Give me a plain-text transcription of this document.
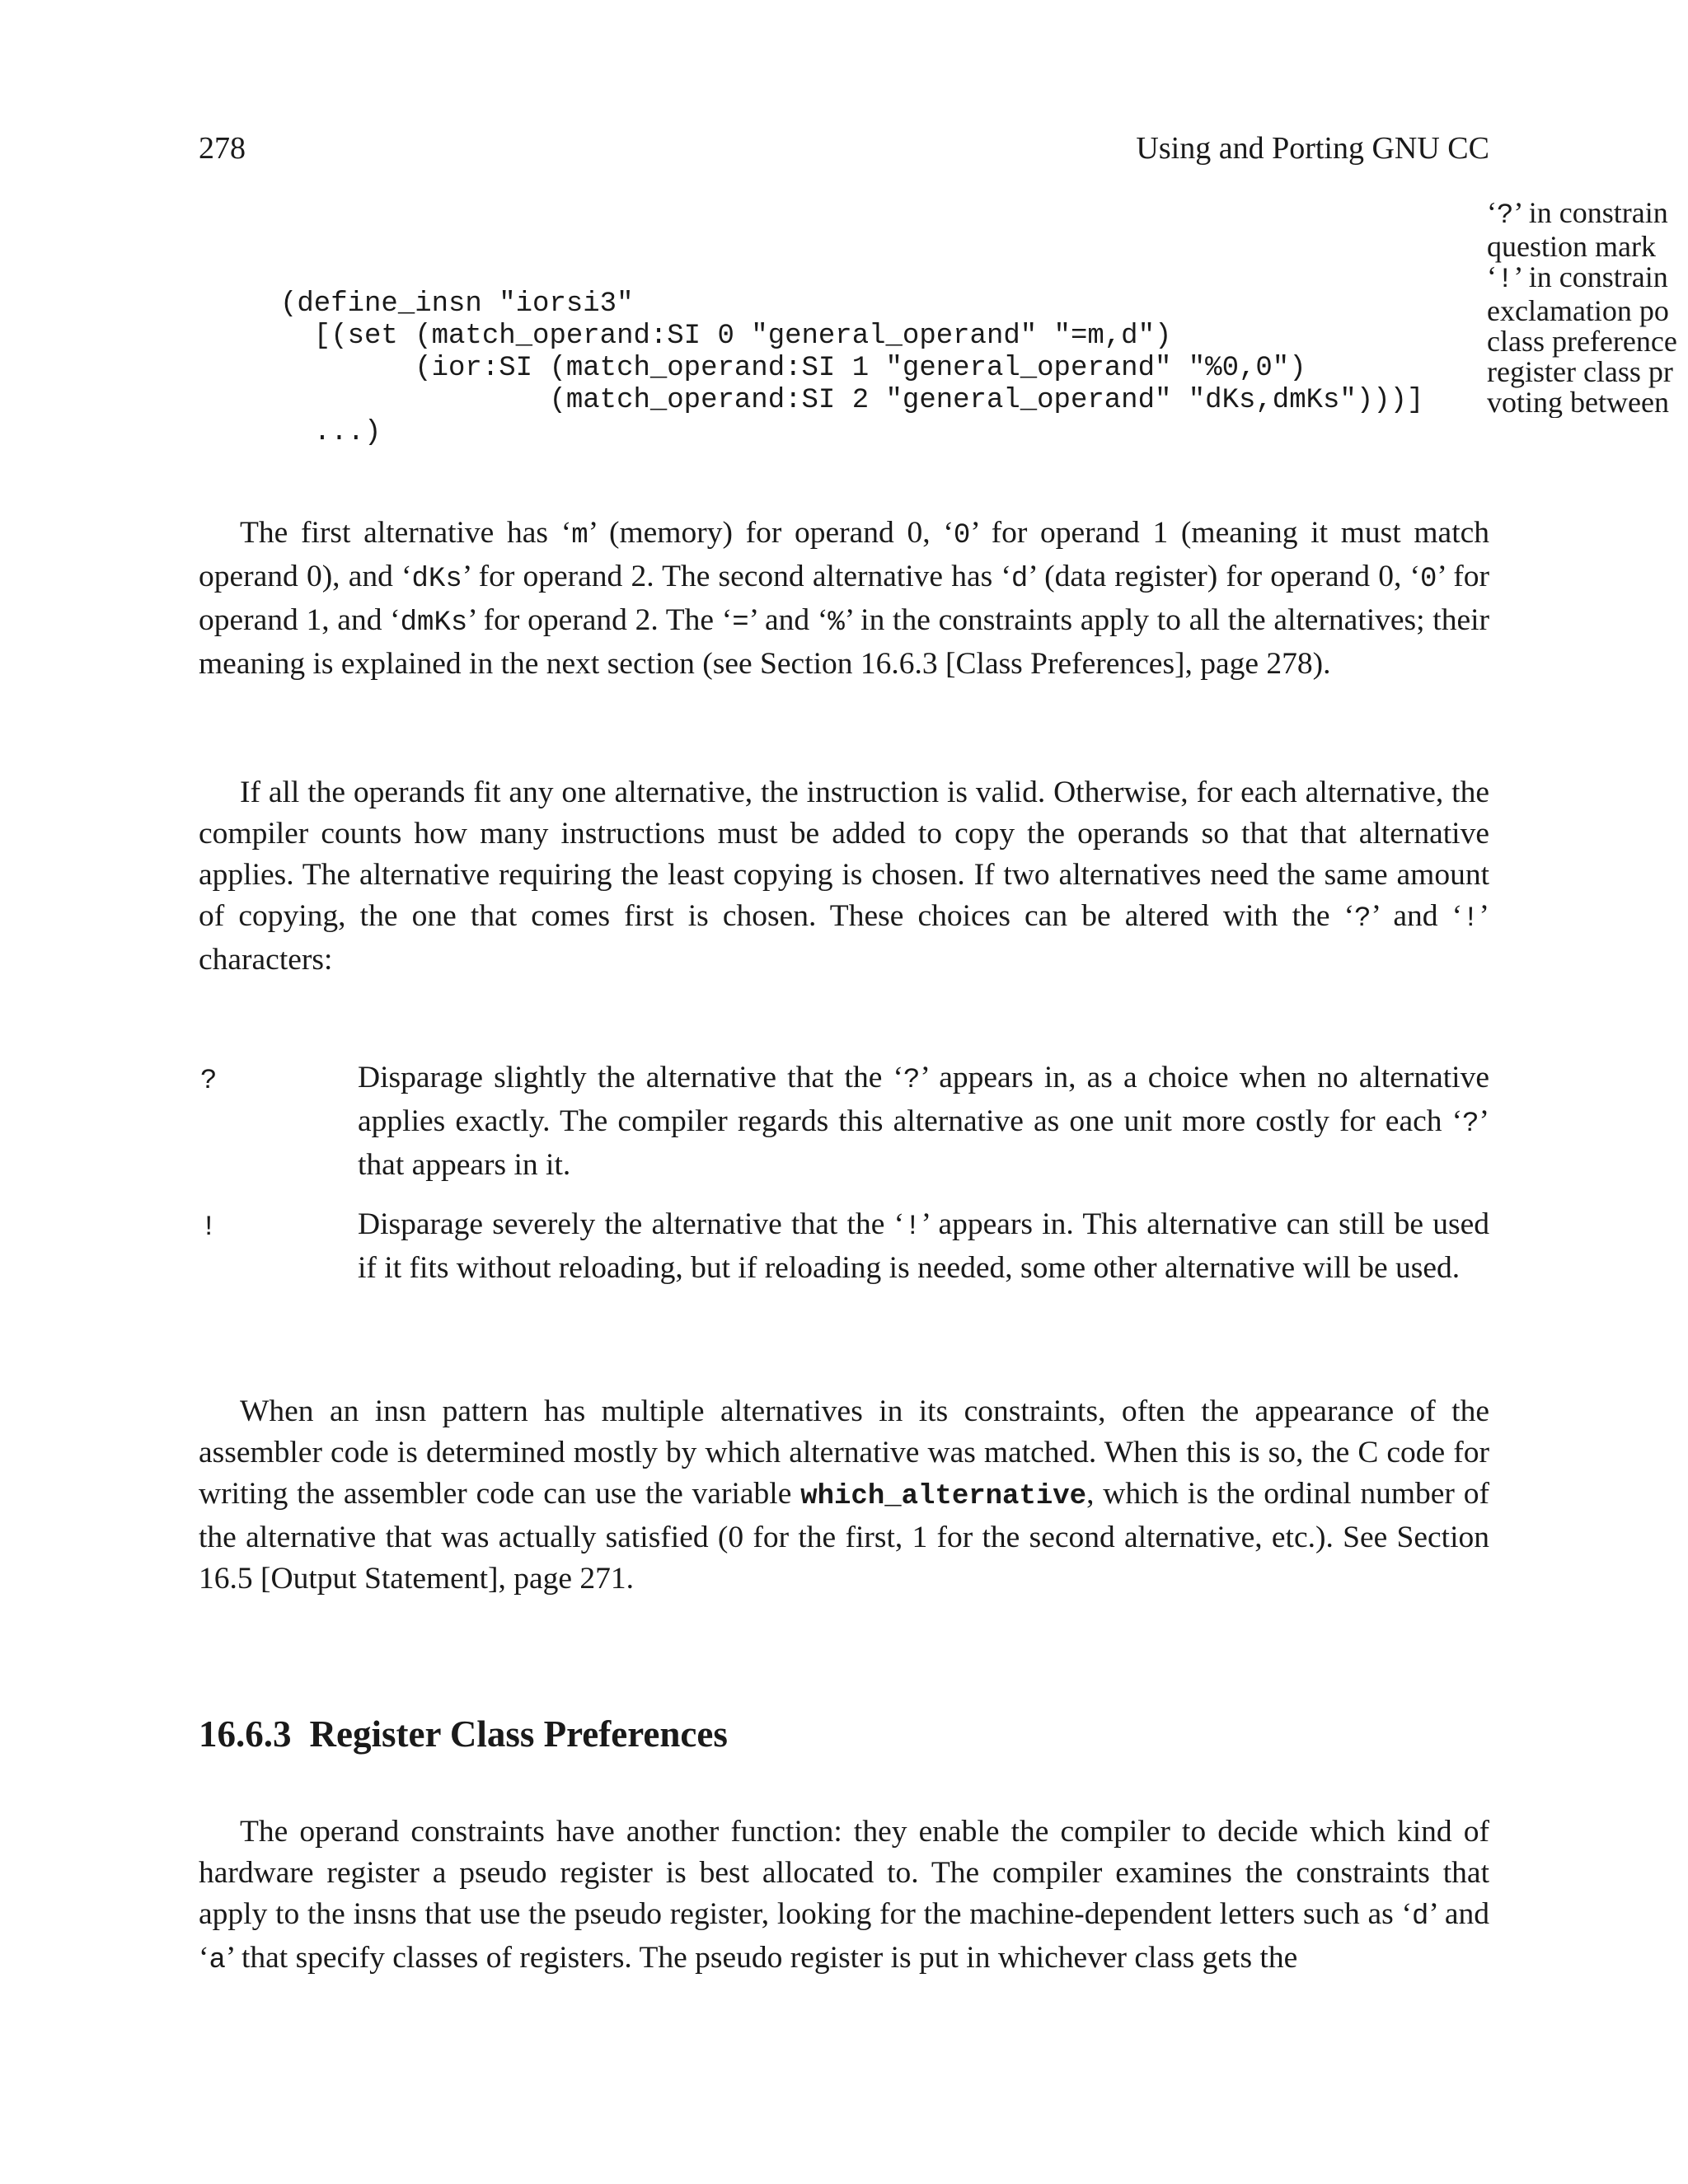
278	Using and Porting GNU CC
‘?’ in constrain
question mark
‘!’ in constrain
exclamation po
class preference
register class pr
voting between
(define_insn "iorsi3"
[(set (match_operand:SI 0 "general_operand" "=m,d")
(ior:SI (match_operand:SI 1 "general_operand" "%0,0")
(match_operand:SI 2 "general_operand" "dKs,dmKs")))]
...)

The first alternative has ‘m’ (memory) for operand 0, ‘0’ for operand 1 (meaning it must match operand 0), and ‘dKs’ for operand 2. The second alternative has ‘d’ (data register) for operand 0, ‘0’ for operand 1, and ‘dmKs’ for operand 2. The ‘=’ and ‘%’ in the constraints apply to all the alternatives; their meaning is explained in the next section (see Section 16.6.3 [Class Preferences], page 278).

If all the operands fit any one alternative, the instruction is valid. Otherwise, for each alternative, the compiler counts how many instructions must be added to copy the operands so that that alternative applies. The alternative requiring the least copying is chosen. If two alternatives need the same amount of copying, the one that comes first is chosen. These choices can be altered with the ‘?’ and ‘!’ characters:

?	Disparage slightly the alternative that the ‘?’ appears in, as a choice when no alternative applies exactly. The compiler regards this alternative as one unit more costly for each ‘?’ that appears in it.

!	Disparage severely the alternative that the ‘!’ appears in. This alternative can still be used if it fits without reloading, but if reloading is needed, some other alternative will be used.

When an insn pattern has multiple alternatives in its constraints, often the appearance of the assembler code is determined mostly by which alternative was matched. When this is so, the C code for writing the assembler code can use the variable which_alternative, which is the ordinal number of the alternative that was actually satisfied (0 for the first, 1 for the second alternative, etc.). See Section 16.5 [Output Statement], page 271.

16.6.3 Register Class Preferences

The operand constraints have another function: they enable the compiler to decide which kind of hardware register a pseudo register is best allocated to. The compiler examines the constraints that apply to the insns that use the pseudo register, looking for the machine-dependent letters such as ‘d’ and ‘a’ that specify classes of registers. The pseudo register is put in whichever class gets the
